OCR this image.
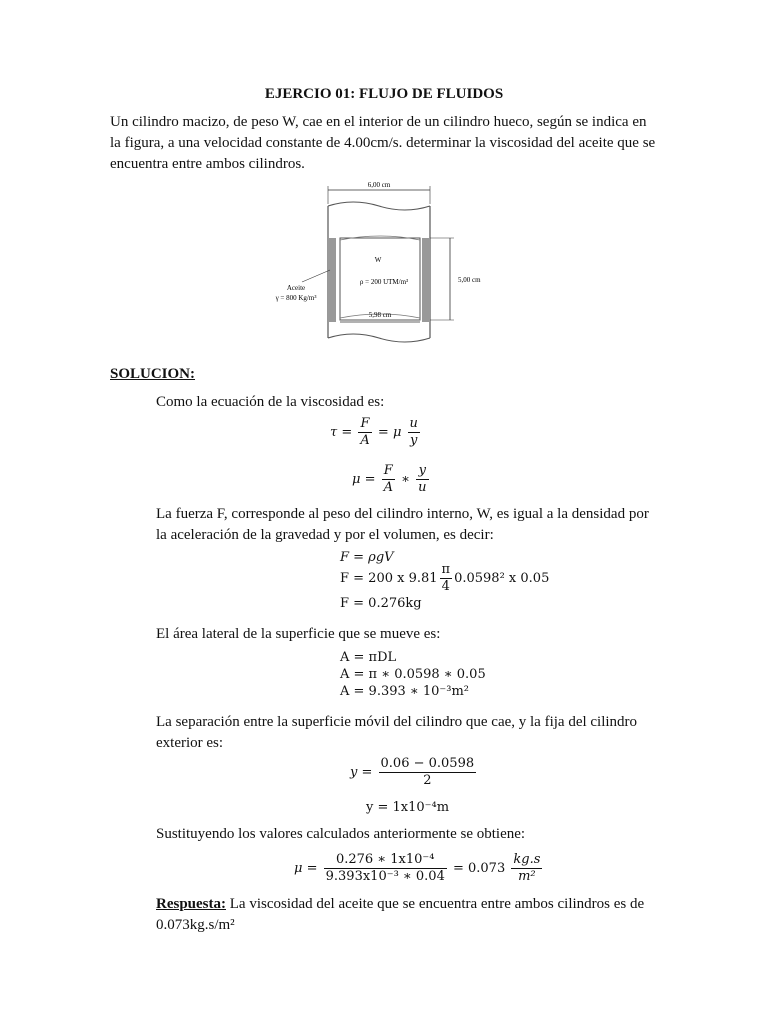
EJERCIO 01: FLUJO DE FLUIDOS

Un cilindro macizo, de peso W, cae en el interior de un cilindro hueco, según se indica en la figura, a una velocidad constante de 4.00cm/s. determinar la viscosidad del aceite que se encuentra entre ambos cilindros.

6,00 cm
5,00 cm
5,98 cm
W
ρ = 200 UTM/m³
Aceite
γ = 800 Kg/m³

SOLUCION:

Como la ecuación de la viscosidad es:

$\tau = \frac{F}{A} = \mu \frac{u}{y}$
$\mu = \frac{F}{A}$ ∗ $\frac{y}{u}$

La fuerza F, corresponde al peso del cilindro interno, W, es igual a la densidad por la aceleración de la gravedad y por el volumen, es decir:

F = ρgV
F = 200 x $9.81 \frac{\pi}{4} 0.0598^2$ x 0.05
F = 0.276kg

El área lateral de la superficie que se mueve es:

A = πDL
A = π ∗ 0.0598 ∗ 0.05
A = 9.393 ∗ 10⁻³m²

La separación entre la superficie móvil del cilindro que cae, y la fija del cilindro exterior es:

$y = \frac{0.06 - 0.0598}{2}$
y = 1x10⁻⁴m

Sustituyendo los valores calculados anteriormente se obtiene:

$\mu = \frac{\text{0.276 ∗ 1x10⁻⁴}}{\text{9.393x10⁻³ ∗ 0.04}} = 0.073 \frac{kg.s}{\text{m²}}$

Respuesta: La viscosidad del aceite que se encuentra entre ambos cilindros es de 0.073kg.s/m²
